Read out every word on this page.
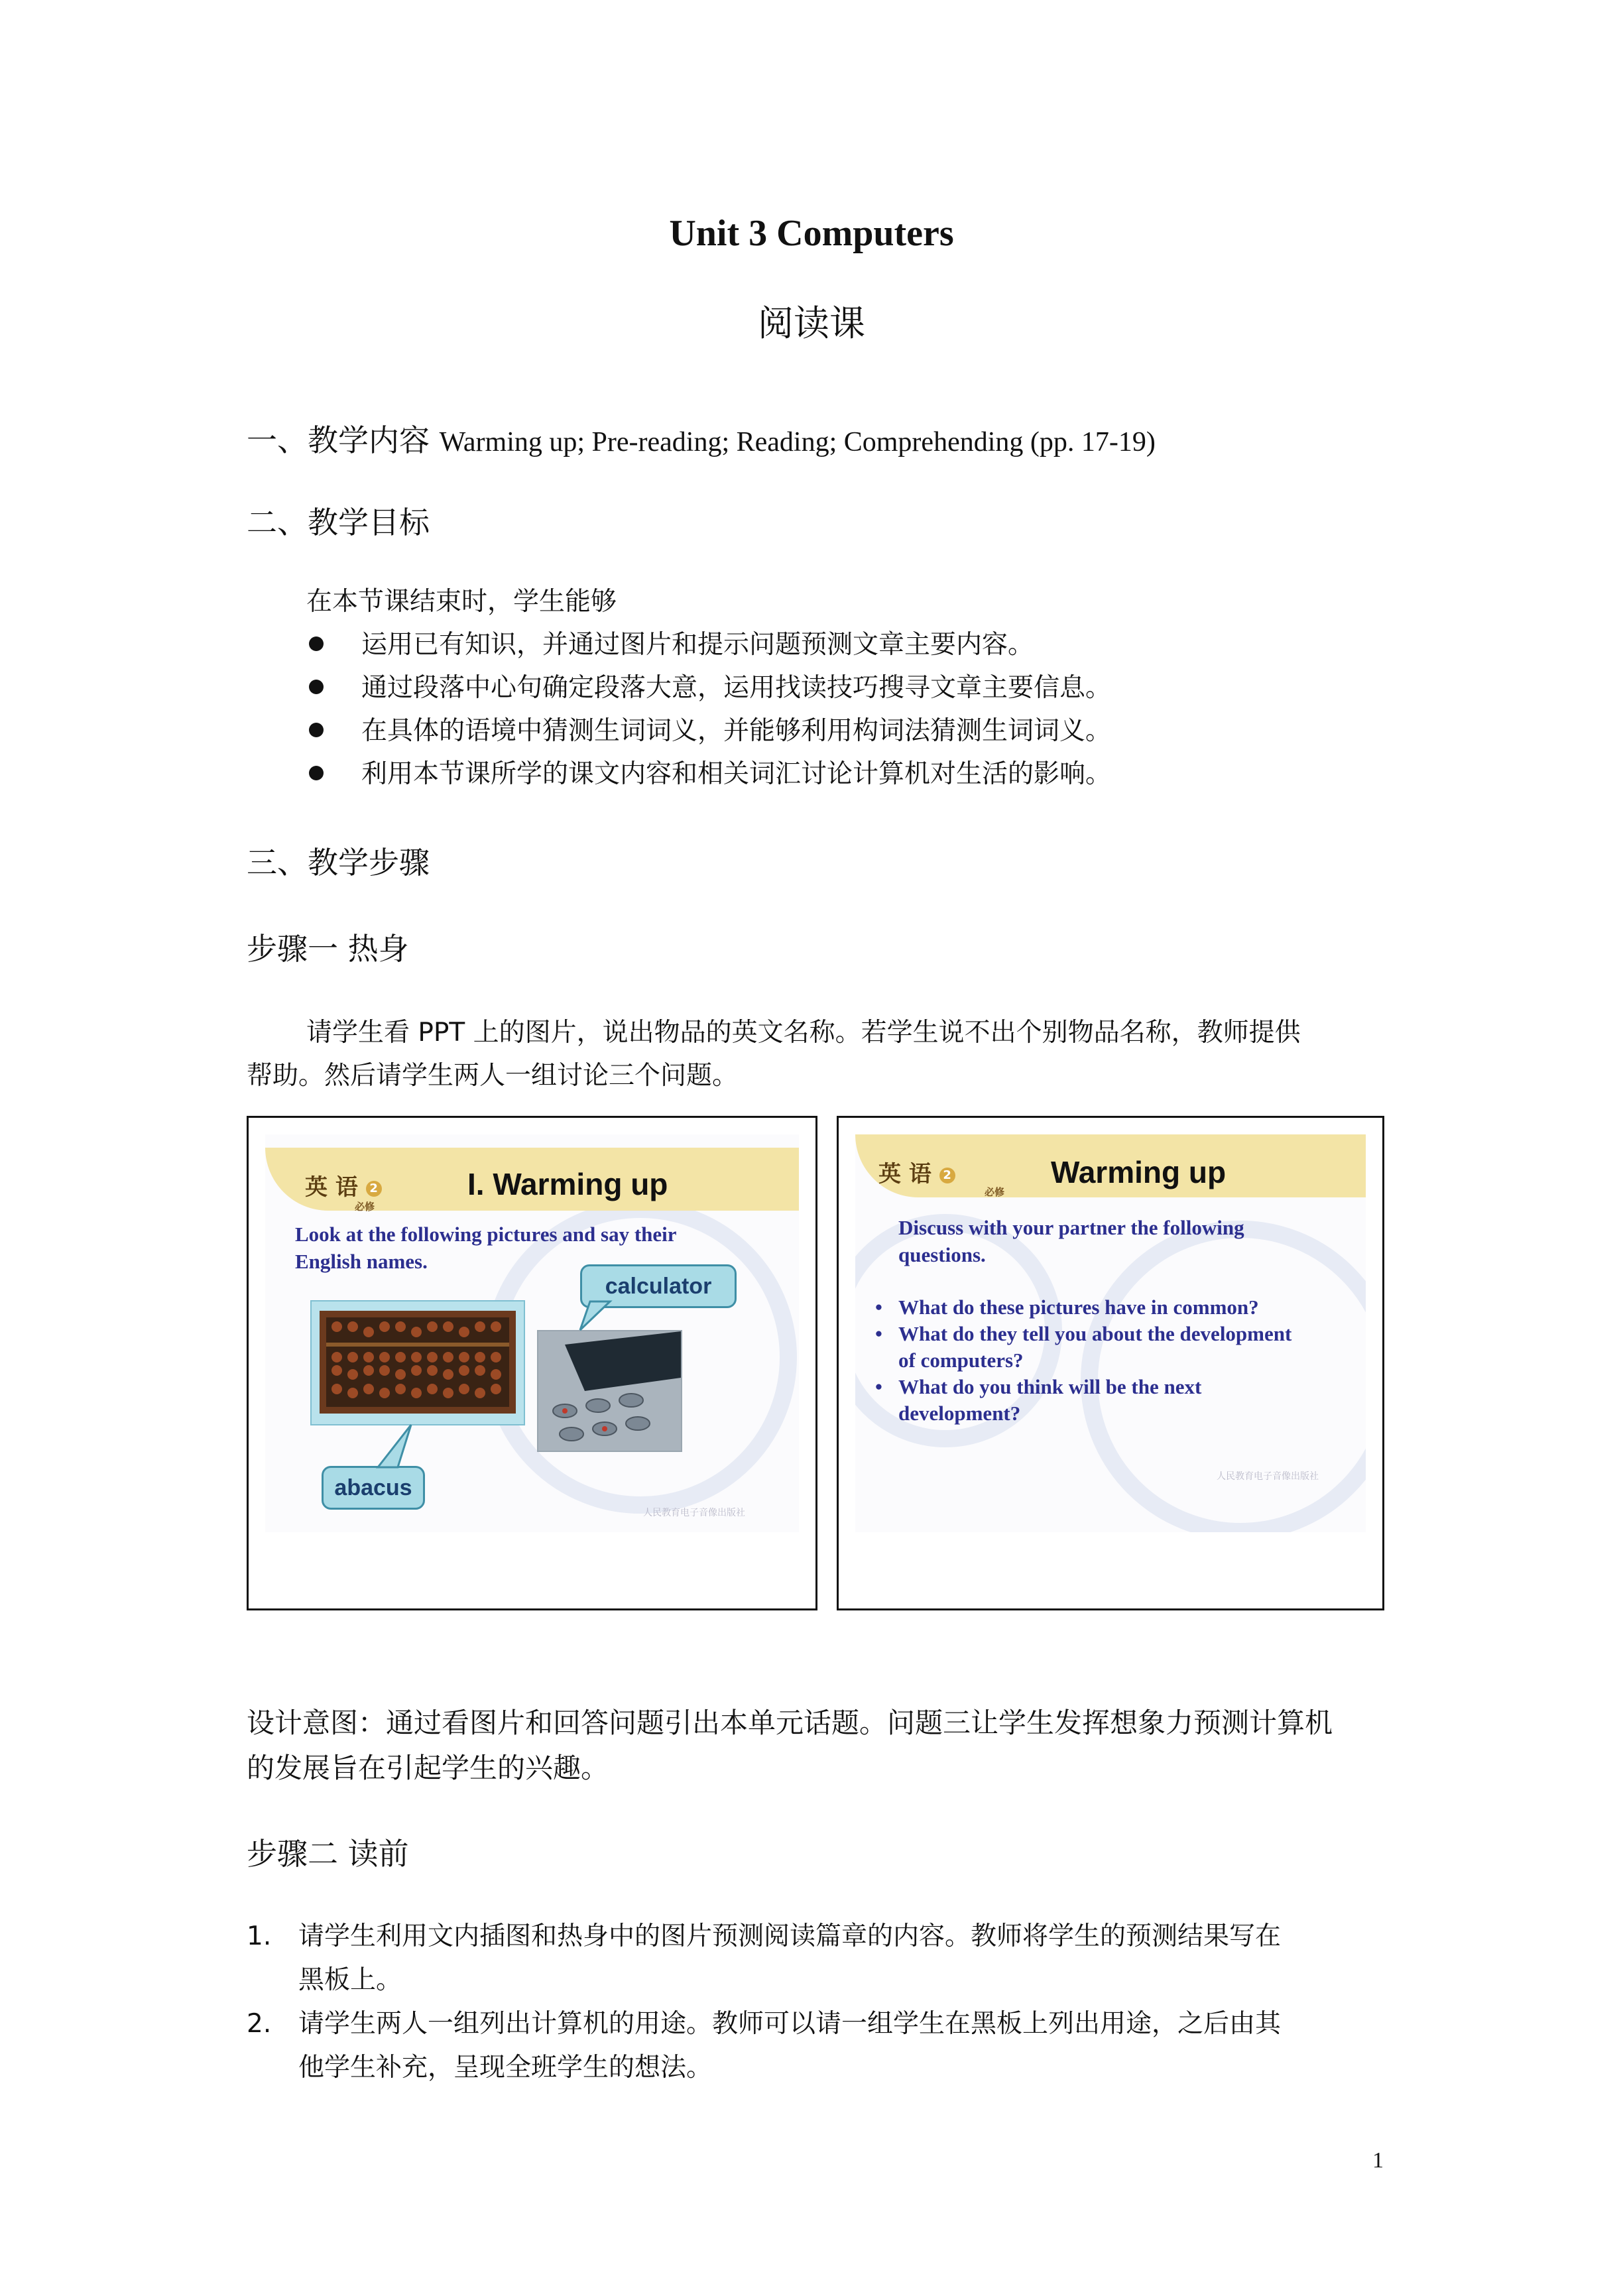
Unit 3 Computers
阅读课
一、教学内容 Warming up; Pre-reading; Reading; Comprehending (pp. 17-19)
二、教学目标
在本节课结束时，学生能够
运用已有知识，并通过图片和提示问题预测文章主要内容。
通过段落中心句确定段落大意，运用找读技巧搜寻文章主要信息。
在具体的语境中猜测生词词义，并能够利用构词法猜测生词词义。
利用本节课所学的课文内容和相关词汇讨论计算机对生活的影响。
三、教学步骤
步骤一 热身
请学生看 PPT 上的图片，说出物品的英文名称。若学生说不出个别物品名称，教师提供
帮助。然后请学生两人一组讨论三个问题。
英 语 2
必修
I. Warming up
Look at the following pictures and say their
English names.
calculator
abacus
人民教育电子音像出版社
英 语 2
必修
Warming up
Discuss with your partner the following
questions.
• What do these pictures have in common?
• What do they tell you about the development
of computers?
• What do you think will be the next
development?
人民教育电子音像出版社
设计意图：通过看图片和回答问题引出本单元话题。问题三让学生发挥想象力预测计算机
的发展旨在引起学生的兴趣。
步骤二 读前
1. 请学生利用文内插图和热身中的图片预测阅读篇章的内容。教师将学生的预测结果写在
黑板上。
2. 请学生两人一组列出计算机的用途。教师可以请一组学生在黑板上列出用途，之后由其
他学生补充，呈现全班学生的想法。
1
